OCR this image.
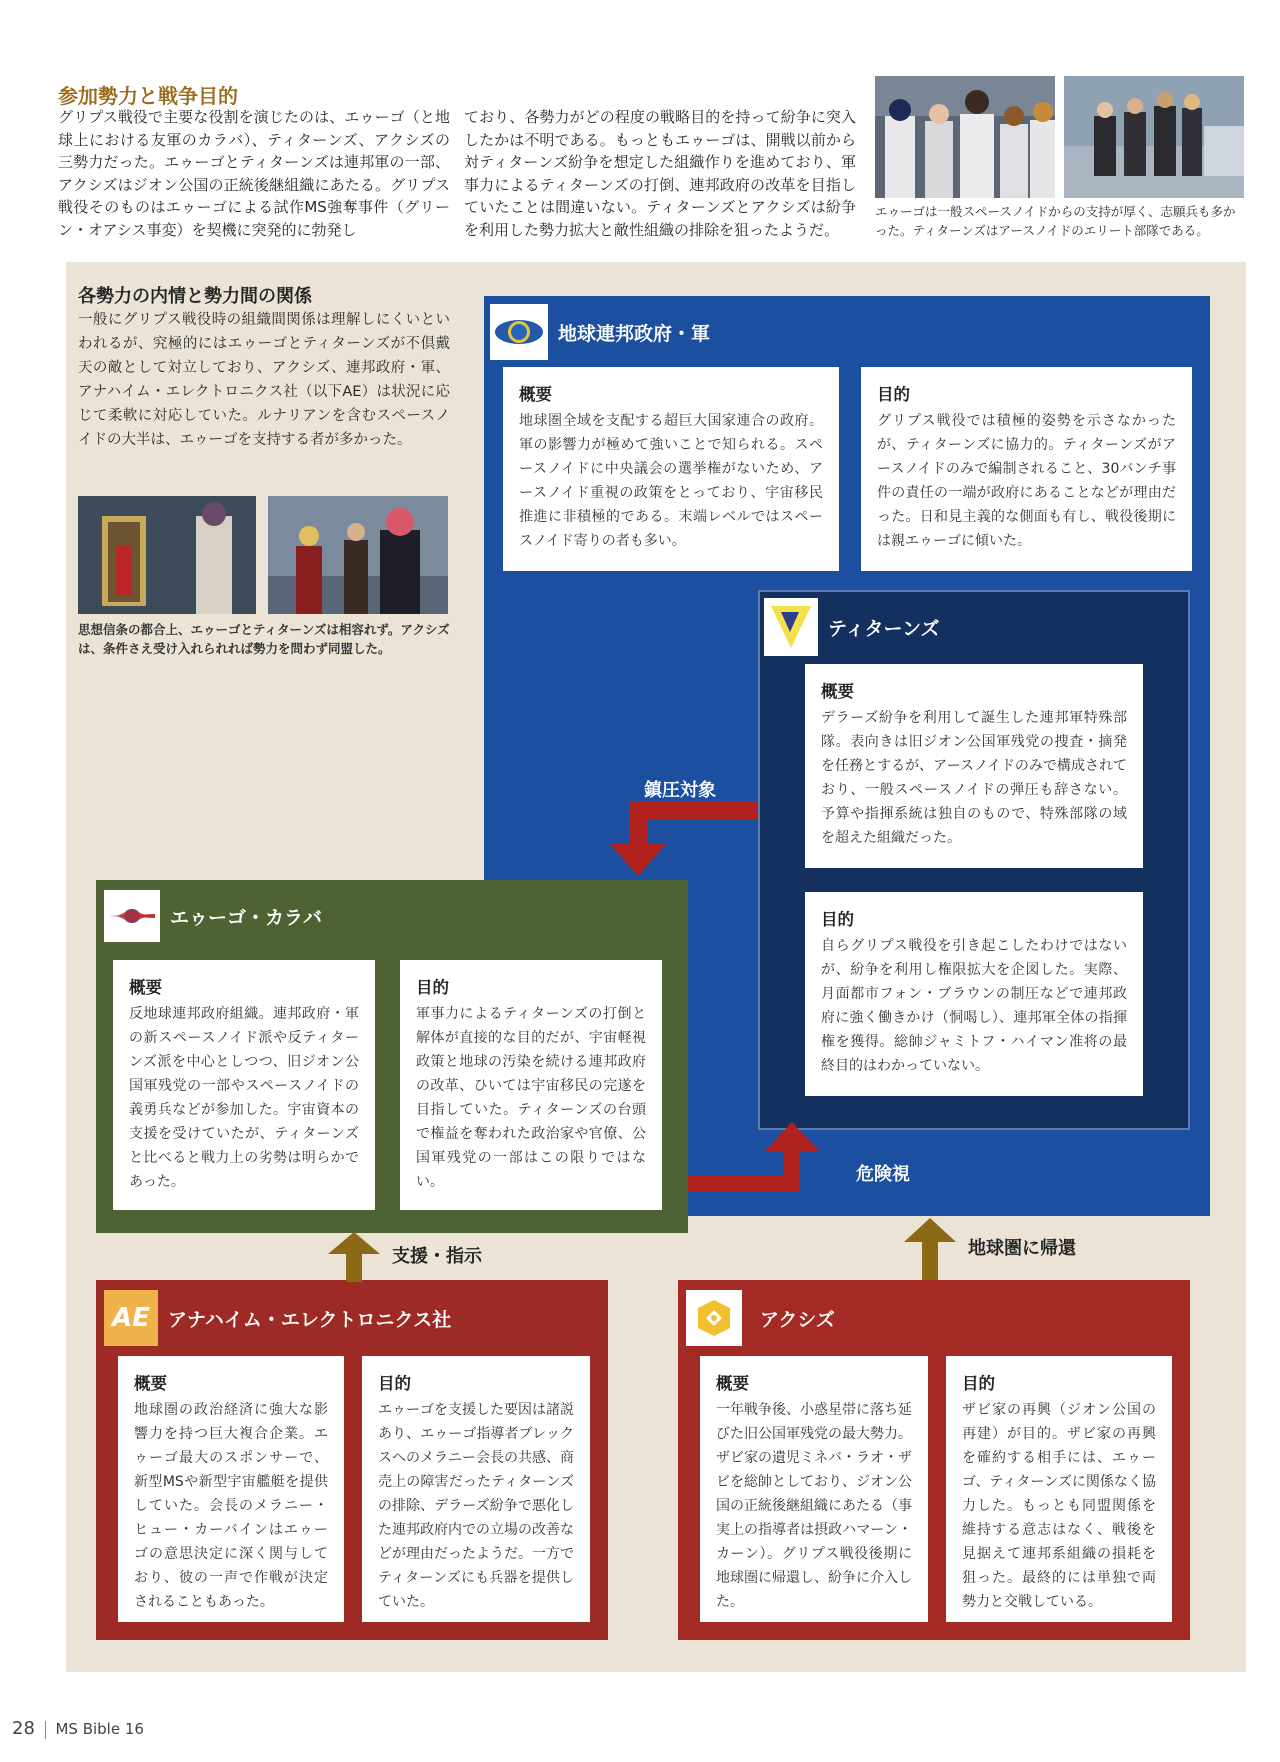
参加勢力と戦争目的
グリプス戦役で主要な役割を演じたのは、エゥーゴ（と地球上における友軍のカラバ）、ティターンズ、アクシズの三勢力だった。エゥーゴとティターンズは連邦軍の一部、アクシズはジオン公国の正統後継組織にあたる。グリプス戦役そのものはエゥーゴによる試作MS強奪事件（グリーン・オアシス事変）を契機に突発的に勃発し
ており、各勢力がどの程度の戦略目的を持って紛争に突入したかは不明である。もっともエゥーゴは、開戦以前から対ティターンズ紛争を想定した組織作りを進めており、軍事力によるティターンズの打倒、連邦政府の改革を目指していたことは間違いない。ティターンズとアクシズは紛争を利用した勢力拡大と敵性組織の排除を狙ったようだ。
エゥーゴは一般スペースノイドからの支持が厚く、志願兵も多かった。ティターンズはアースノイドのエリート部隊である。
各勢力の内情と勢力間の関係
一般にグリプス戦役時の組織間関係は理解しにくいといわれるが、究極的にはエゥーゴとティターンズが不倶戴天の敵として対立しており、アクシズ、連邦政府・軍、アナハイム・エレクトロニクス社（以下AE）は状況に応じて柔軟に対応していた。ルナリアンを含むスペースノイドの大半は、エゥーゴを支持する者が多かった。
思想信条の都合上、エゥーゴとティターンズは相容れず。アクシズは、条件さえ受け入れられれば勢力を問わず同盟した。
地球連邦政府・軍
概要

地球圏全域を支配する超巨大国家連合の政府。軍の影響力が極めて強いことで知られる。スペースノイドに中央議会の選挙権がないため、アースノイド重視の政策をとっており、宇宙移民推進に非積極的である。末端レベルではスペースノイド寄りの者も多い。

目的

グリプス戦役では積極的姿勢を示さなかったが、ティターンズに協力的。ティターンズがアースノイドのみで編制されること、30バンチ事件の責任の一端が政府にあることなどが理由だった。日和見主義的な側面も有し、戦役後期には親エゥーゴに傾いた。

ティターンズ
概要

デラーズ紛争を利用して誕生した連邦軍特殊部隊。表向きは旧ジオン公国軍残党の捜査・摘発を任務とするが、アースノイドのみで構成されており、一般スペースノイドの弾圧も辞さない。予算や指揮系統は独自のもので、特殊部隊の域を超えた組織だった。

目的

自らグリプス戦役を引き起こしたわけではないが、紛争を利用し権限拡大を企図した。実際、月面都市フォン・ブラウンの制圧などで連邦政府に強く働きかけ（恫喝し）、連邦軍全体の指揮権を獲得。総帥ジャミトフ・ハイマン准将の最終目的はわかっていない。

エゥーゴ・カラバ
概要

反地球連邦政府組織。連邦政府・軍の新スペースノイド派や反ティターンズ派を中心としつつ、旧ジオン公国軍残党の一部やスペースノイドの義勇兵などが参加した。宇宙資本の支援を受けていたが、ティターンズと比べると戦力上の劣勢は明らかであった。

目的

軍事力によるティターンズの打倒と解体が直接的な目的だが、宇宙軽視政策と地球の汚染を続ける連邦政府の改革、ひいては宇宙移民の完遂を目指していた。ティターンズの台頭で権益を奪われた政治家や官僚、公国軍残党の一部はこの限りではない。

AE アナハイム・エレクトロニクス社
概要

地球圏の政治経済に強大な影響力を持つ巨大複合企業。エゥーゴ最大のスポンサーで、新型MSや新型宇宙艦艇を提供していた。会長のメラニー・ヒュー・カーバインはエゥーゴの意思決定に深く関与しており、彼の一声で作戦が決定されることもあった。

目的

エゥーゴを支援した要因は諸説あり、エゥーゴ指導者ブレックスへのメラニー会長の共感、商売上の障害だったティターンズの排除、デラーズ紛争で悪化した連邦政府内での立場の改善などが理由だったようだ。一方でティターンズにも兵器を提供していた。

アクシズ
概要

一年戦争後、小惑星帯に落ち延びた旧公国軍残党の最大勢力。ザビ家の遺児ミネバ・ラオ・ザビを総帥としており、ジオン公国の正統後継組織にあたる（事実上の指導者は摂政ハマーン・カーン）。グリプス戦役後期に地球圏に帰還し、紛争に介入した。

目的

ザビ家の再興（ジオン公国の再建）が目的。ザビ家の再興を確約する相手には、エゥーゴ、ティターンズに関係なく協力した。もっとも同盟関係を維持する意志はなく、戦後を見据えて連邦系組織の損耗を狙った。最終的には単独で両勢力と交戦している。

鎮圧対象
危険視
支援・指示	地球圏に帰還
28 MS Bible 16
